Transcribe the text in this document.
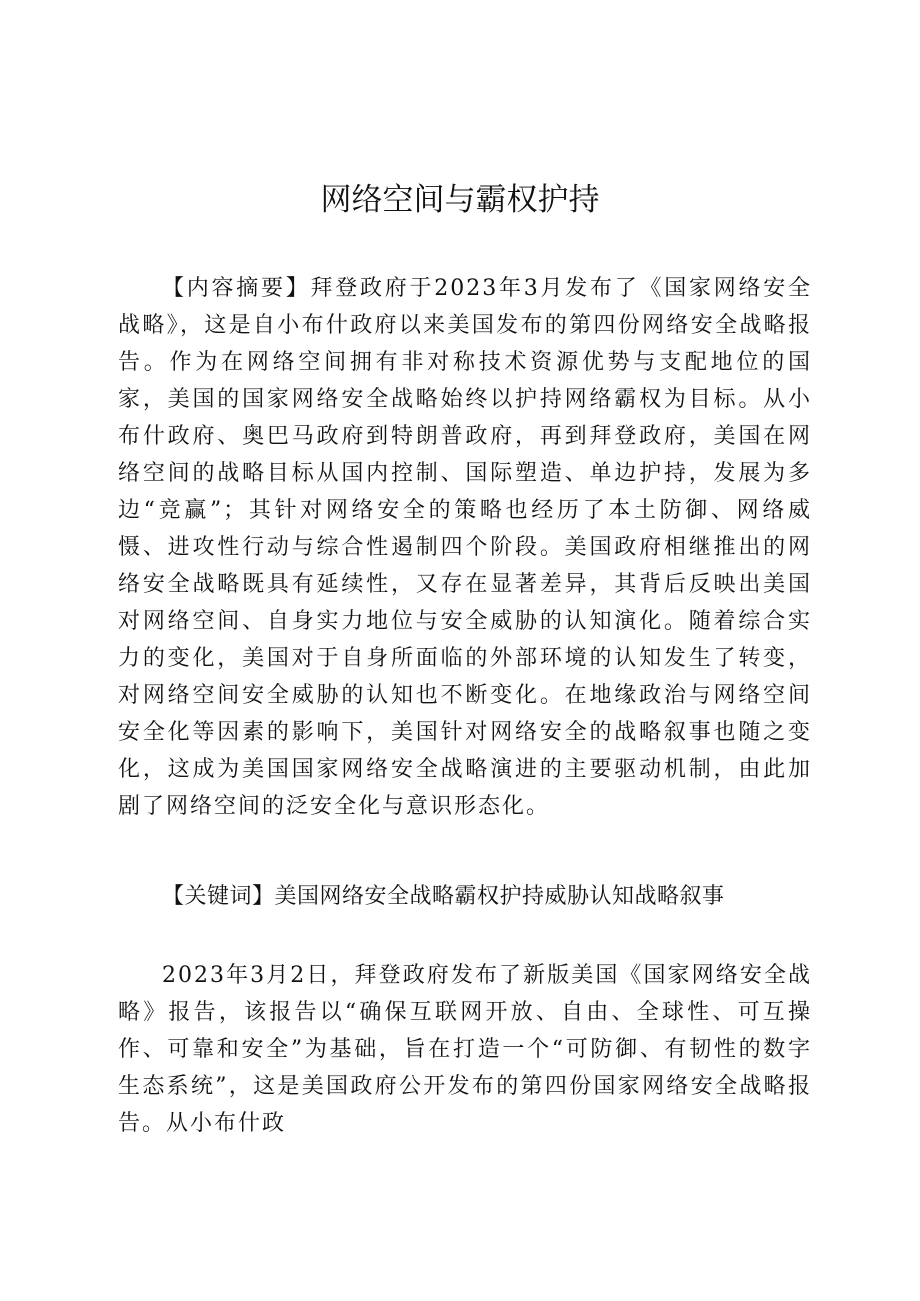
网络空间与霸权护持

【内容摘要】拜登政府于2023年3月发布了《国家网络安全战略》，这是自小布什政府以来美国发布的第四份网络安全战略报告。作为在网络空间拥有非对称技术资源优势与支配地位的国家，美国的国家网络安全战略始终以护持网络霸权为目标。从小布什政府、奥巴马政府到特朗普政府，再到拜登政府，美国在网络空间的战略目标从国内控制、国际塑造、单边护持，发展为多边“竞赢”；其针对网络安全的策略也经历了本土防御、网络威慑、进攻性行动与综合性遏制四个阶段。美国政府相继推出的网络安全战略既具有延续性，又存在显著差异，其背后反映出美国对网络空间、自身实力地位与安全威胁的认知演化。随着综合实力的变化，美国对于自身所面临的外部环境的认知发生了转变，对网络空间安全威胁的认知也不断变化。在地缘政治与网络空间安全化等因素的影响下，美国针对网络安全的战略叙事也随之变化，这成为美国国家网络安全战略演进的主要驱动机制，由此加剧了网络空间的泛安全化与意识形态化。

【关键词】美国网络安全战略霸权护持威胁认知战略叙事

2023年3月2日，拜登政府发布了新版美国《国家网络安全战略》报告，该报告以“确保互联网开放、自由、全球性、可互操作、可靠和安全”为基础，旨在打造一个“可防御、有韧性的数字生态系统”，这是美国政府公开发布的第四份国家网络安全战略报告。从小布什政
